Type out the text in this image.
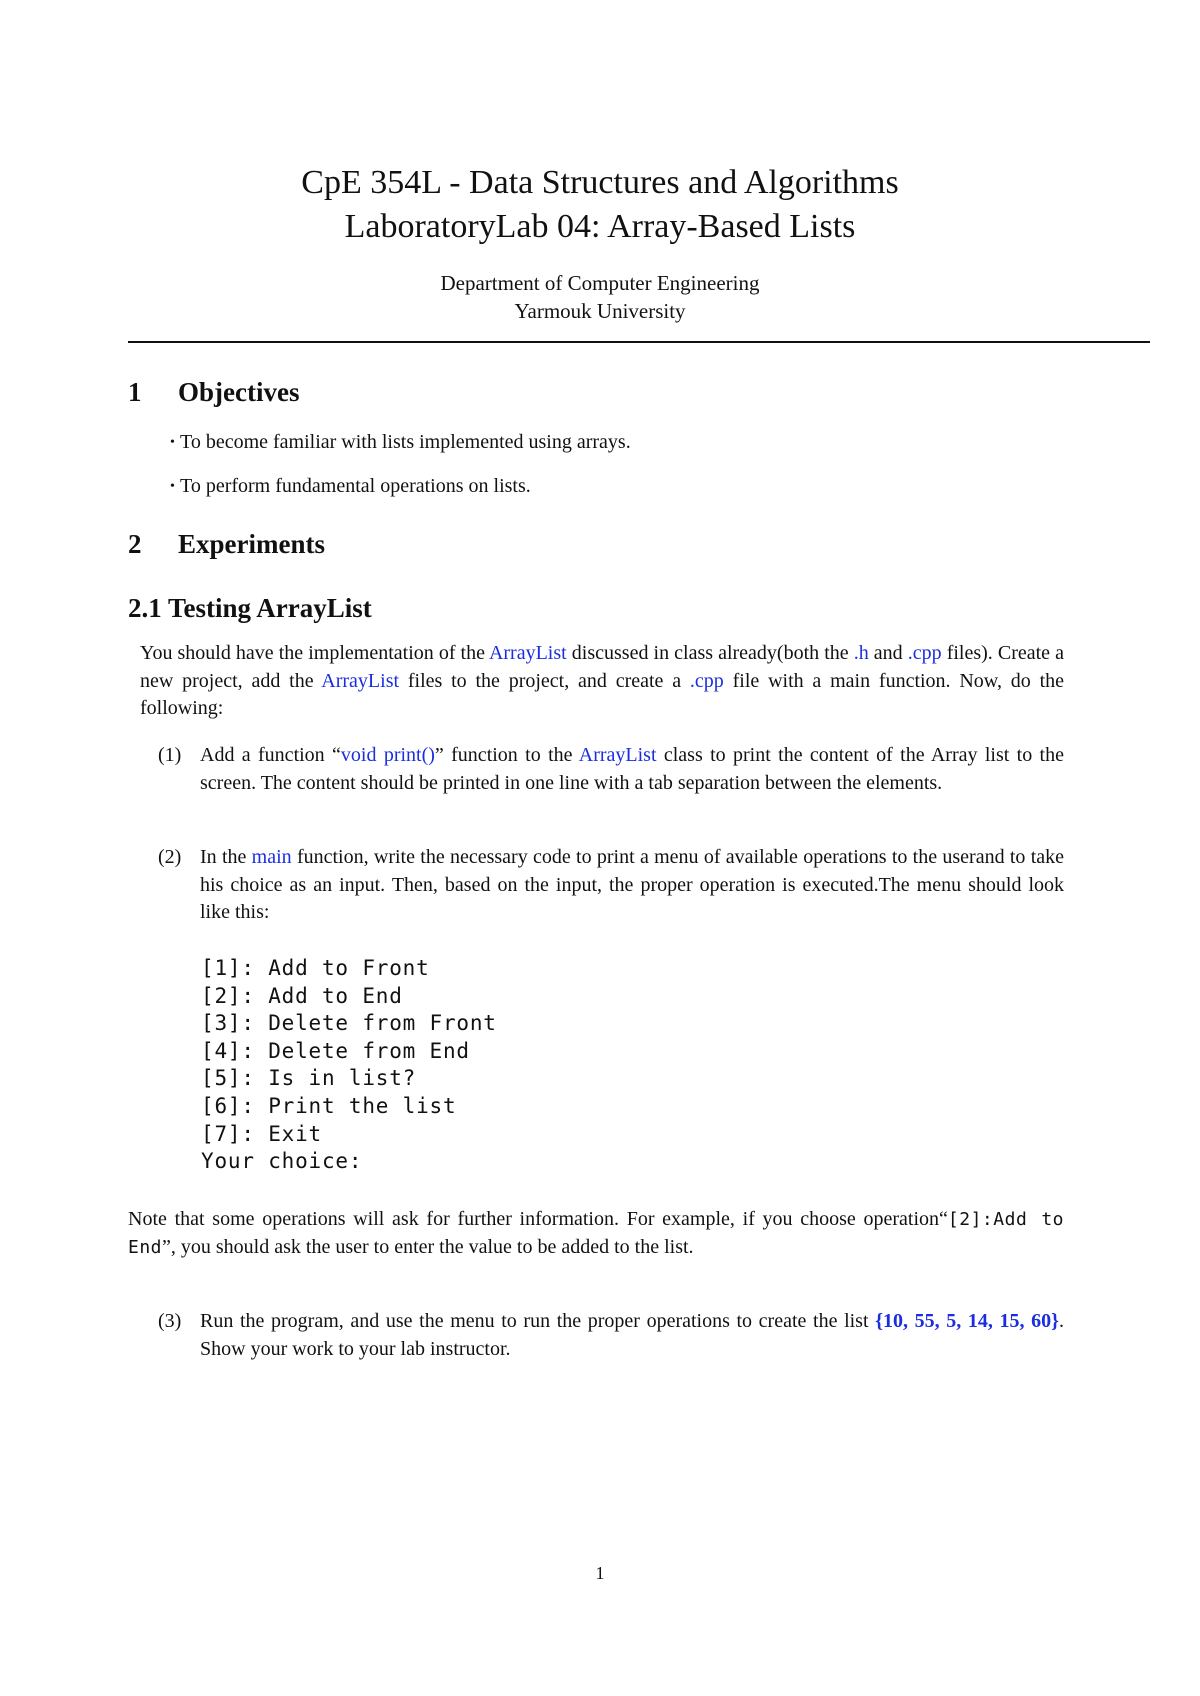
CpE 354L - Data Structures and Algorithms
LaboratoryLab 04: Array-Based Lists
Department of Computer Engineering
Yarmouk University
1 Objectives
• To become familiar with lists implemented using arrays.
• To perform fundamental operations on lists.
2 Experiments
2.1 Testing ArrayList
You should have the implementation of the ArrayList discussed in class already(both the .h and .cpp files). Create a new project, add the ArrayList files to the project, and create a .cpp file with a main function. Now, do the following:
(1) Add a function “void print()” function to the ArrayList class to print the content of the Array list to the screen. The content should be printed in one line with a tab separation between the elements.
(2) In the main function, write the necessary code to print a menu of available operations to the userand to take his choice as an input. Then, based on the input, the proper operation is executed.The menu should look like this:
[1]: Add to Front
[2]: Add to End
[3]: Delete from Front
[4]: Delete from End
[5]: Is in list?
[6]: Print the list
[7]: Exit
Your choice:
Note that some operations will ask for further information. For example, if you choose operation“[2]:Add to End”, you should ask the user to enter the value to be added to the list.
(3) Run the program, and use the menu to run the proper operations to create the list {10, 55, 5, 14, 15, 60}. Show your work to your lab instructor.
1
